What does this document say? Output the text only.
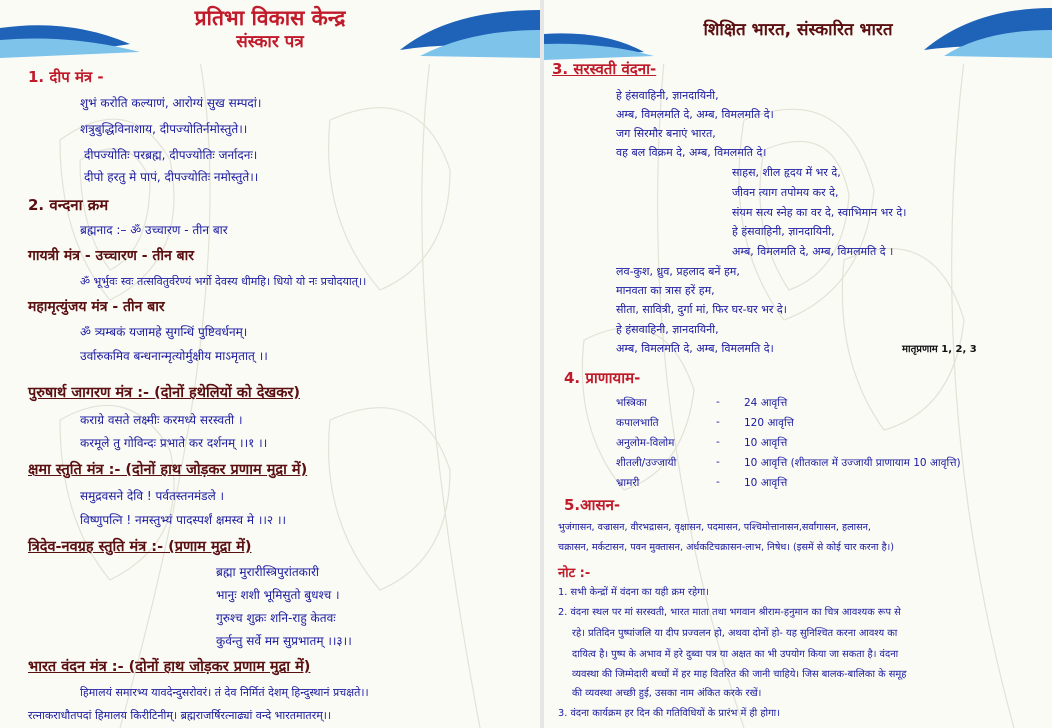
प्रतिभा विकास केन्द्र
संस्कार पत्र
1. दीप मंत्र -
शुभं करोति कल्याणं, आरोग्यं सुख सम्पदां।
शत्रुबुद्धिविनाशाय, दीपज्योतिर्नमोस्तुते।।
दीपज्योतिः परब्रह्म, दीपज्योतिः जर्नादनः।
दीपो हरतु मे पापं, दीपज्योतिः नमोस्तुते।।
2. वन्दना क्रम
ब्रह्मनाद :– ॐ उच्चारण - तीन बार
गायत्री मंत्र - उच्चारण - तीन बार
ॐ भूर्भुवः स्वः तत्सवितुर्वरेण्यं भर्गो देवस्य धीमहि। धियो यो नः प्रचोदयात्।।
महामृत्युंजय मंत्र - तीन बार
ॐ त्र्यम्बकं यजामहे सुगन्धिं पुष्टिवर्धनम्।
उर्वारुकमिव बन्धनान्मृत्योर्मुक्षीय माऽमृतात् ।।
पुरुषार्थ जागरण मंत्र :- (दोनों हथेलियों को देखकर)
कराग्रे वसते लक्ष्मीः करमध्ये सरस्वती ।
करमूले तु गोविन्दः प्रभाते कर दर्शनम् ।।१ ।।
क्षमा स्तुति मंत्र :- (दोनों हाथ जोड़कर प्रणाम मुद्रा में)
समुद्रवसने देवि ! पर्वतस्तनमंडले ।
विष्णुपत्नि ! नमस्तुभ्यं पादस्पर्शं क्षमस्व मे ।।२ ।।
त्रिदेव-नवग्रह स्तुति मंत्र :- (प्रणाम मुद्रा में)
ब्रह्मा मुरारीस्त्रिपुरांतकारी
भानुः शशी भूमिसुतो बुधश्च ।
गुरुश्च शुक्रः शनि-राहु केतवः
कुर्वन्तु सर्वे मम सुप्रभातम् ।।३।।
भारत वंदन मंत्र :- (दोनों हाथ जोड़कर प्रणाम मुद्रा में)
हिमालयं समारभ्य यावदेन्दुसरोवरं। तं देव निर्मितं देशम् हिन्दुस्थानं प्रचक्षते।।
रत्नाकराधौतपदां हिमालय किरीटिनीम्। ब्रह्मराजर्षिरत्नाढ्यां वन्दे भारतमातरम्।।
शिक्षित भारत, संस्कारित भारत
3. सरस्वती वंदना-
हे हंसवाहिनी, ज्ञानदायिनी,
अम्ब, विमलमति दे, अम्ब, विमलमति दे।
जग सिरमौर बनाएं भारत,
वह बल विक्रम दे, अम्ब, विमलमति दे।
साहस, शील हृदय में भर दे,
जीवन त्याग तपोमय कर दे,
संयम सत्य स्नेह का वर दे, स्वाभिमान भर दे।
हे हंसवाहिनी, ज्ञानदायिनी,
अम्ब, विमलमति दे, अम्ब, विमलमति दे ।
लव-कुश, ध्रुव, प्रहलाद बनें हम,
मानवता का त्रास हरें हम,
सीता, सावित्री, दुर्गा मां, फिर घर-घर भर दे।
हे हंसवाहिनी, ज्ञानदायिनी,
अम्ब, विमलमति दे, अम्ब, विमलमति दे।	मातृप्रणाम 1, 2, 3
4. प्राणायाम-
भस्त्रिका	- 24 आवृत्ति
कपालभाति	- 120 आवृत्ति
अनुलोम-विलोम	- 10 आवृत्ति
शीतली/उज्जायी	- 10 आवृत्ति (शीतकाल में उज्जायी प्राणायाम 10 आवृत्ति)
भ्रामरी	- 10 आवृत्ति
5.आसन-
भुजंगासन, वज्रासन, वीरभद्रासन, वृक्षासन, पदमासन, पश्चिमोत्तानासन,सर्वांगासन, हलासन,
चक्रासन, मर्कटासन, पवन मुक्तासन, अर्धकटिचक्रासन-लाभ, निषेध। (इसमें से कोई चार करना है।)
नोट :-
1. सभी केन्द्रों में वंदना का यही क्रम रहेगा।
2. वंदना स्थल पर मां सरस्वती, भारत माता तथा भगवान श्रीराम-हनुमान का चित्र आवश्यक रूप से
रहे। प्रतिदिन पुष्पांजलि या दीप प्रज्वलन हो, अथवा दोनों हो- यह सुनिश्चित करना आवश्य का
दायित्व है। पुष्प के अभाव में हरे दुब्वा पत्र या अक्षत का भी उपयोग किया जा सकता है। वंदना
व्यवस्था की जिम्मेदारी बच्चों में हर माह वितरित की जानी चाहिये। जिस बालक-बालिका के समूह
की व्यवस्था अच्छी हुई, उसका नाम अंकित करके रखें।
3. वंदना कार्यक्रम हर दिन की गतिविधियों के प्रारंभ में ही होगा।
